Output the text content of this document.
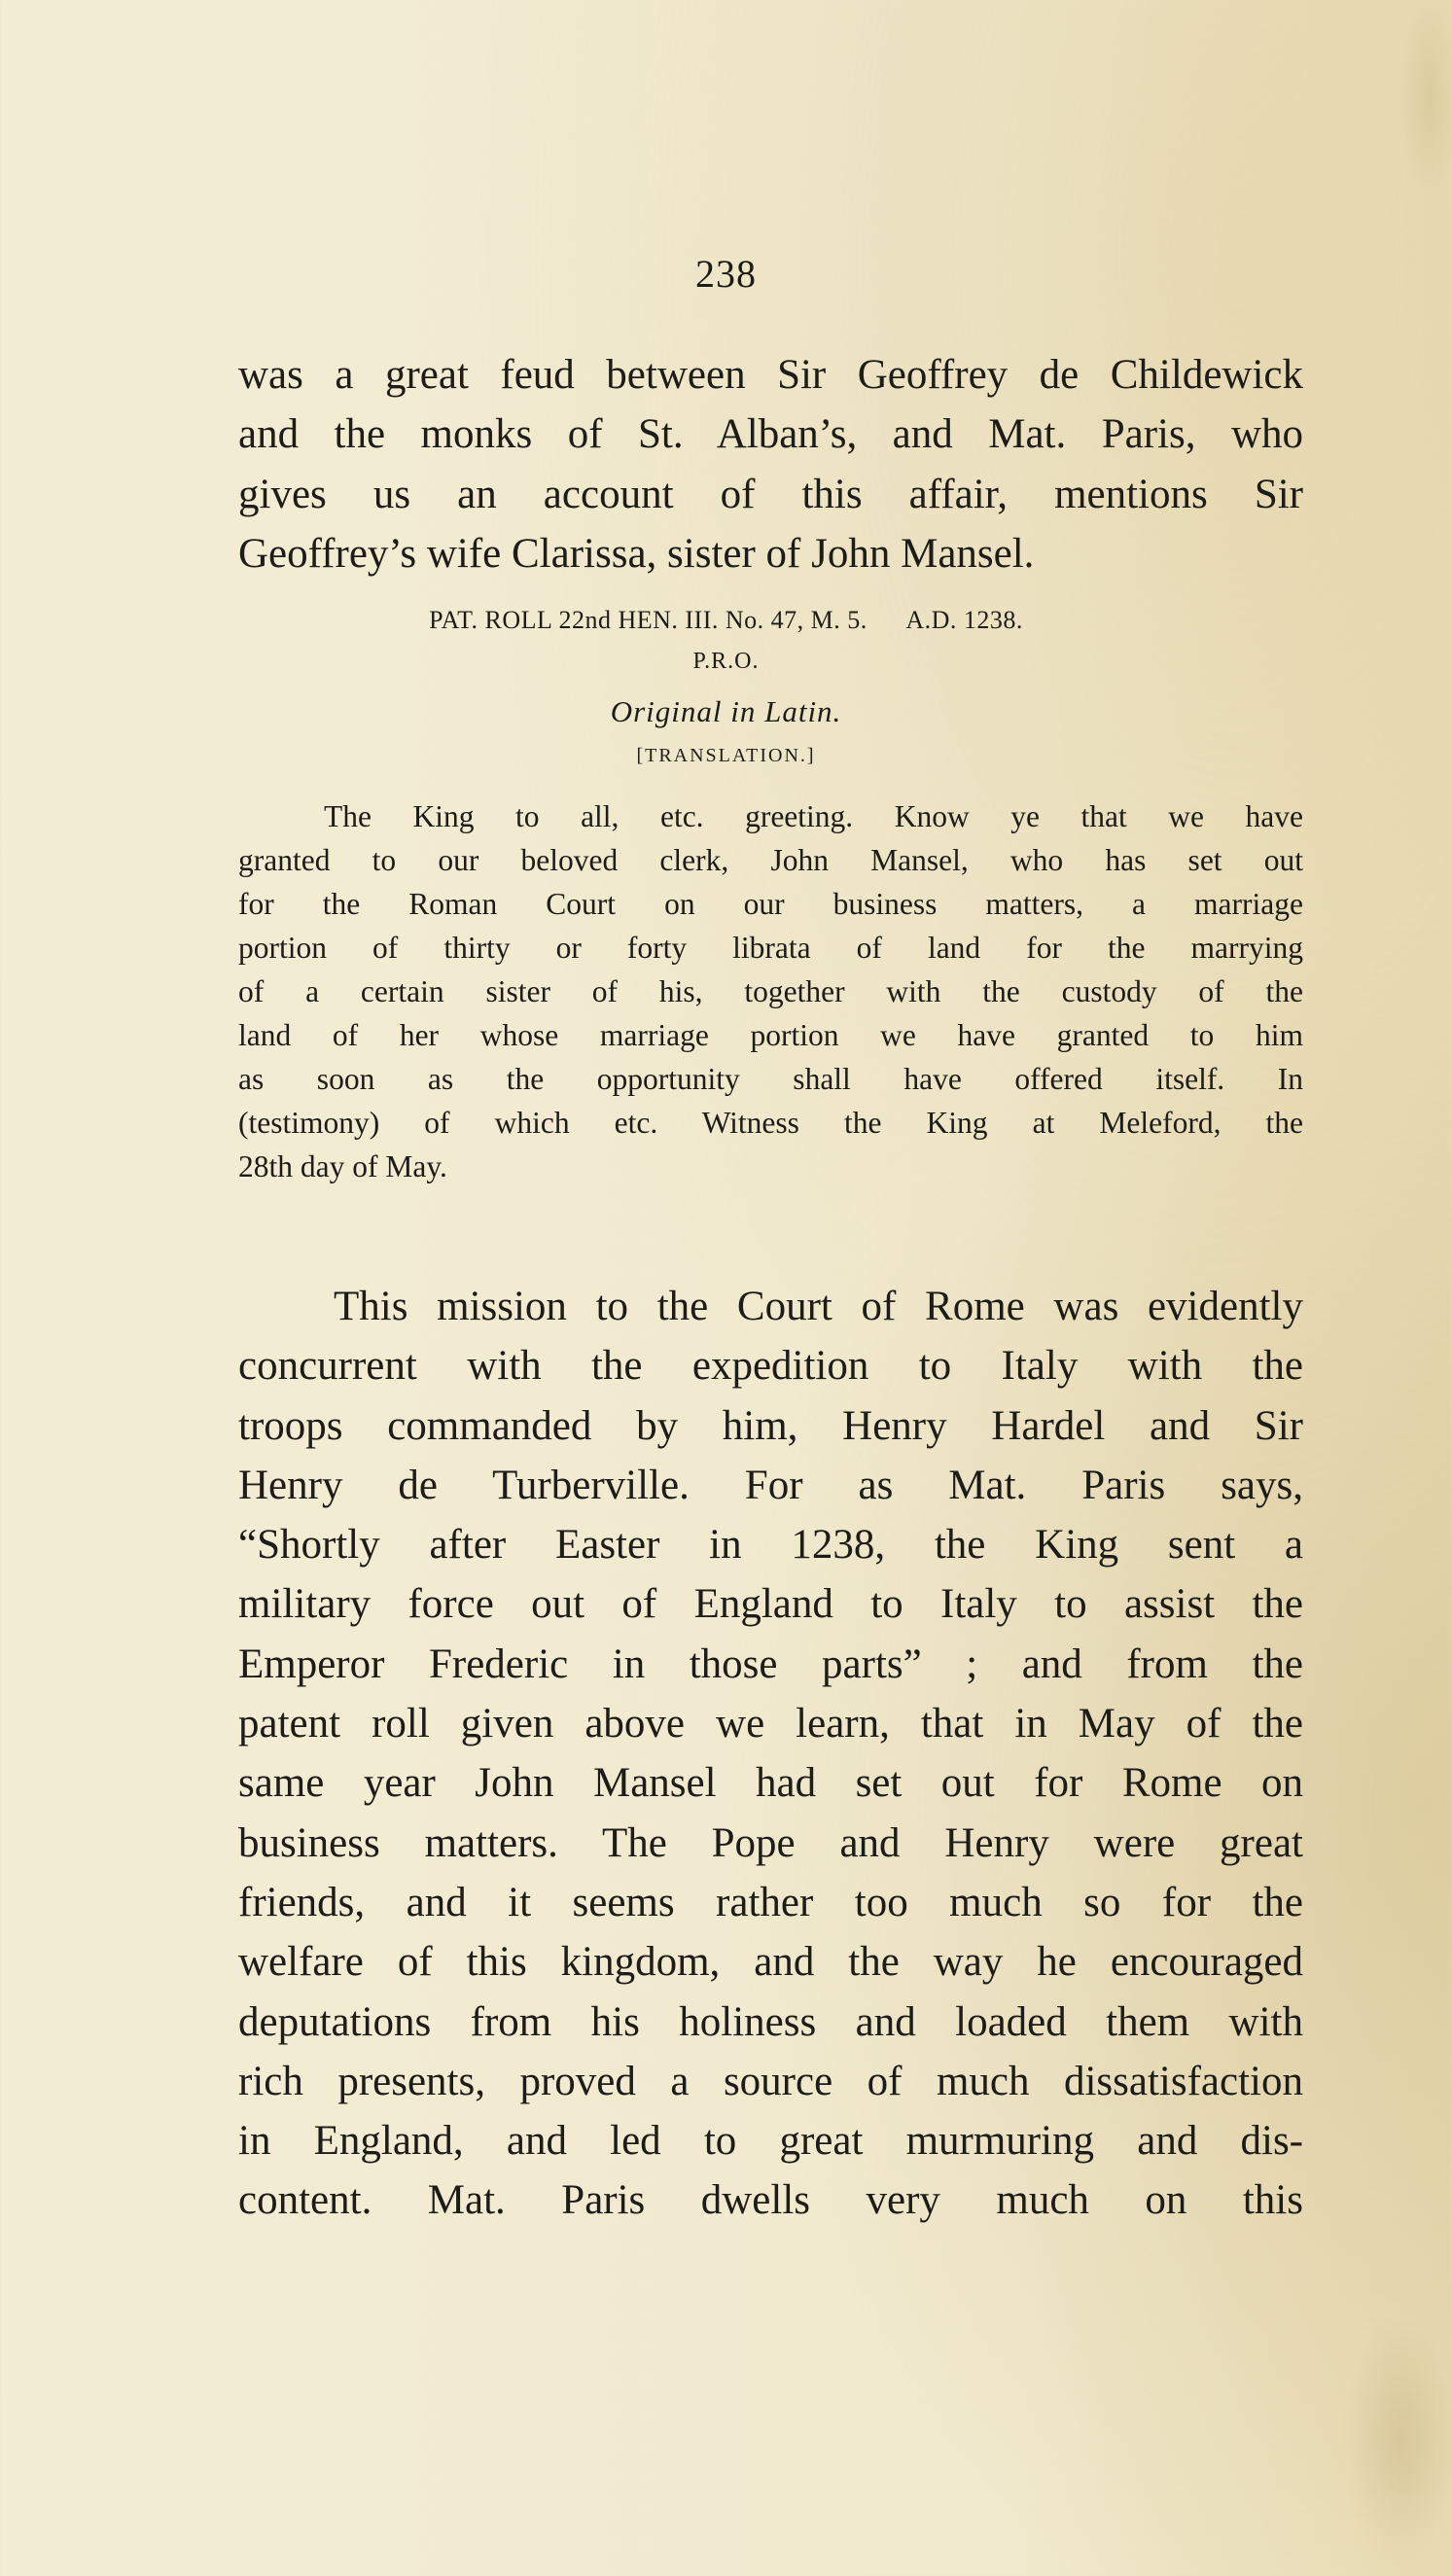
238
was a great feud between Sir Geoffrey de Childewick
and the monks of St. Alban’s, and Mat. Paris, who
gives us an account of this affair, mentions Sir
Geoffrey’s wife Clarissa, sister of John Mansel.
PAT. ROLL 22nd HEN. III. No. 47, M. 5. A.D. 1238.
P.R.O.
Original in Latin.
[TRANSLATION.]
The King to all, etc. greeting. Know ye that we have
granted to our beloved clerk, John Mansel, who has set out
for the Roman Court on our business matters, a marriage
portion of thirty or forty librata of land for the marrying
of a certain sister of his, together with the custody of the
land of her whose marriage portion we have granted to him
as soon as the opportunity shall have offered itself. In
(testimony) of which etc. Witness the King at Meleford, the
28th day of May.
This mission to the Court of Rome was evidently
concurrent with the expedition to Italy with the
troops commanded by him, Henry Hardel and Sir
Henry de Turberville. For as Mat. Paris says,
“Shortly after Easter in 1238, the King sent a
military force out of England to Italy to assist the
Emperor Frederic in those parts” ; and from the
patent roll given above we learn, that in May of the
same year John Mansel had set out for Rome on
business matters. The Pope and Henry were great
friends, and it seems rather too much so for the
welfare of this kingdom, and the way he encouraged
deputations from his holiness and loaded them with
rich presents, proved a source of much dissatisfaction
in England, and led to great murmuring and dis-
content. Mat. Paris dwells very much on this
